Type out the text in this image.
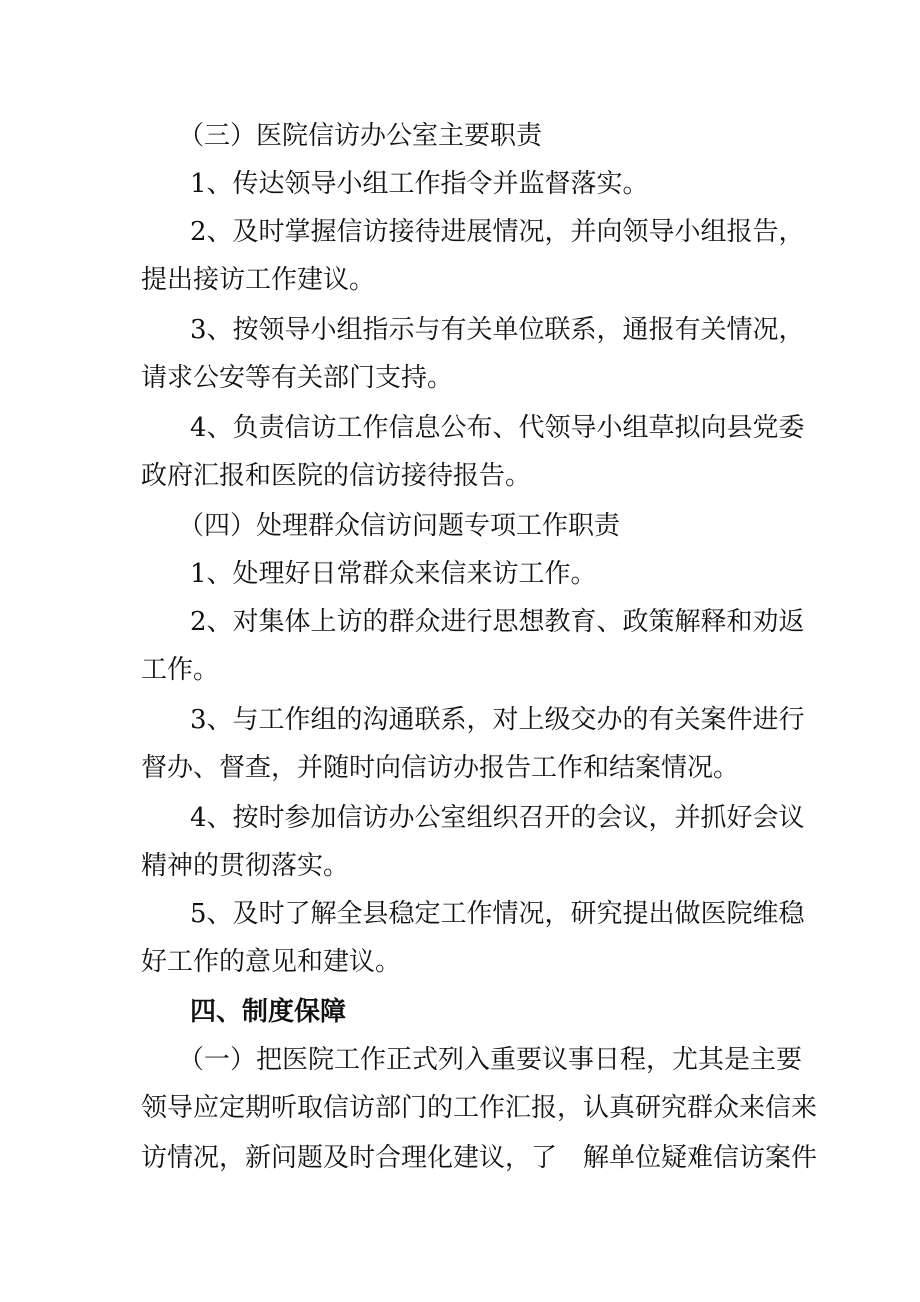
（三）医院信访办公室主要职责
1、传达领导小组工作指令并监督落实。
2、及时掌握信访接待进展情况，并向领导小组报告，
提出接访工作建议。
3、按领导小组指示与有关单位联系，通报有关情况，
请求公安等有关部门支持。
4、负责信访工作信息公布、代领导小组草拟向县党委
政府汇报和医院的信访接待报告。
（四）处理群众信访问题专项工作职责
1、处理好日常群众来信来访工作。
2、对集体上访的群众进行思想教育、政策解释和劝返
工作。
3、与工作组的沟通联系，对上级交办的有关案件进行
督办、督查，并随时向信访办报告工作和结案情况。
4、按时参加信访办公室组织召开的会议，并抓好会议
精神的贯彻落实。
5、及时了解全县稳定工作情况，研究提出做医院维稳
好工作的意见和建议。
四、制度保障
（一）把医院工作正式列入重要议事日程，尤其是主要
领导应定期听取信访部门的工作汇报，认真研究群众来信来
访情况，新问题及时合理化建议，了　解单位疑难信访案件
